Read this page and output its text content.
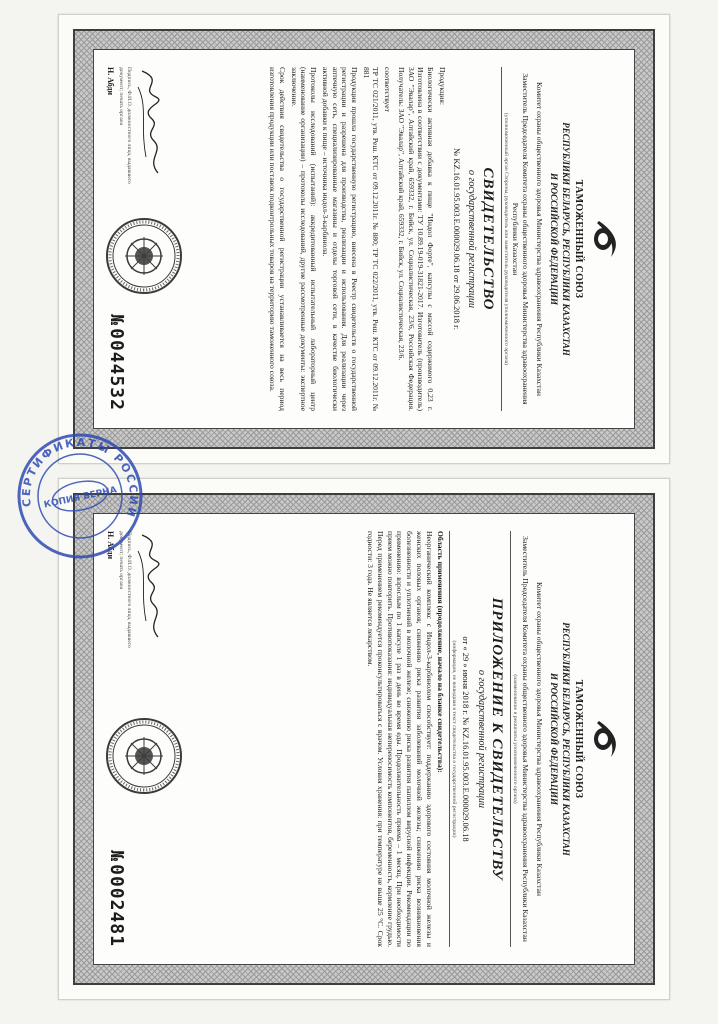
ТАМОЖЕННЫЙ СОЮЗ
РЕСПУБЛИКИ БЕЛАРУСЬ, РЕСПУБЛИКИ КАЗАХСТАН
И РОССИЙСКОЙ ФЕДЕРАЦИИ
Комитет охраны общественного здоровья Министерства здравоохранения Республики Казахстан
Заместитель Председателя Комитета охраны общественного здоровья Министерства здравоохранения Республики Казахстан
(уполномоченный орган Стороны, руководитель или заместитель руководителя уполномоченного органа)
СВИДЕТЕЛЬСТВО
о государственной регистрации
№ KZ.16.01.95.003.Е.000029.06.18 от 29.06.2018 г.
Продукция:
Биологически активная добавка к пище "Индол Форте", капсулы с массой содержимого 0,23 г. Изготовлена в соответствии с документами: ТУ 10.89.19-019-31821-2017. Изготовитель (производитель) ЗАО "Эвалар", Алтайский край, 659332, г. Бийск, ул. Социалистическая, 23/6, Российская Федерация. Получатель: ЗАО "Эвалар", Алтайский край, 659332, г. Бийск, ул. Социалистическая, 23/6.
соответствует
ТР ТС 021/2011, утв. Реш. КТС от 09.12.2011г. № 880; ТР ТС 022/2011, утв. Реш. КТС от 09.12.2011г. № 881
Продукция прошла государственную регистрацию, внесена в Реестр свидетельств о государственной регистрации и разрешена для производства, реализации и использования. Для реализации через аптечную сеть, специализированные магазины и отделы торговой сети, в качестве биологически активной добавки к пище – источника индол-3-карбинола.
Протоколы исследований (испытаний): аккредитованный испытательный лабораторный центр (наименование организации) – протоколы исследований, другие рассмотренные документы: экспертное заключение.
Срок действия свидетельства о государственной регистрации устанавливается на весь период изготовления продукции или поставок подконтрольных товаров на территорию таможенного союза.
Подпись, Ф.И.О. должностного лица, выдавшего документ; печать органа
Н. Абди
№ 0044532
ТАМОЖЕННЫЙ СОЮЗ
РЕСПУБЛИКИ БЕЛАРУСЬ, РЕСПУБЛИКИ КАЗАХСТАН
И РОССИЙСКОЙ ФЕДЕРАЦИИ
Комитет охраны общественного здоровья Министерства здравоохранения Республики Казахстан
Заместитель Председателя Комитета охраны общественного здоровья Министерства здравоохранения Республики Казахстан
(наименование и реквизиты уполномоченного органа)
ПРИЛОЖЕНИЕ К СВИДЕТЕЛЬСТВУ
о государственной регистрации
от « 29 » июня 2018 г. № KZ.16.01.95.003.Е.000029.06.18
(информация, не вошедшая в текст свидетельства о государственной регистрации)
Область применения (продолжение, начало на бланке свидетельства):
Неорганический комплекс с Индол-3-карбинолом способствует: поддержанию здорового состояния молочной железы и женских половых органов; снижению риска развития заболеваний молочной железы; снижению риска возникновения болезненности и уплотнений в молочной железе; снижению риска развития папиллом вирусной инфекции. Рекомендации по применению: взрослым по 1 капсуле 1 раз в день во время еды. Продолжительность приема – 1 месяц. При необходимости прием можно повторить. Противопоказания: индивидуальная непереносимость компонентов, беременность, кормление грудью. Перед применением рекомендуется проконсультироваться с врачом. Условия хранения: при температуре не выше 25 °С. Срок годности: 3 года. Не является лекарством.
Подпись, Ф.И.О. должностного лица, выдавшего документ; печать органа
Н. Абди
№ 0002481
СЕРТИФИКАТЫ РОССИИ
КОПИЯ ВЕРНА
